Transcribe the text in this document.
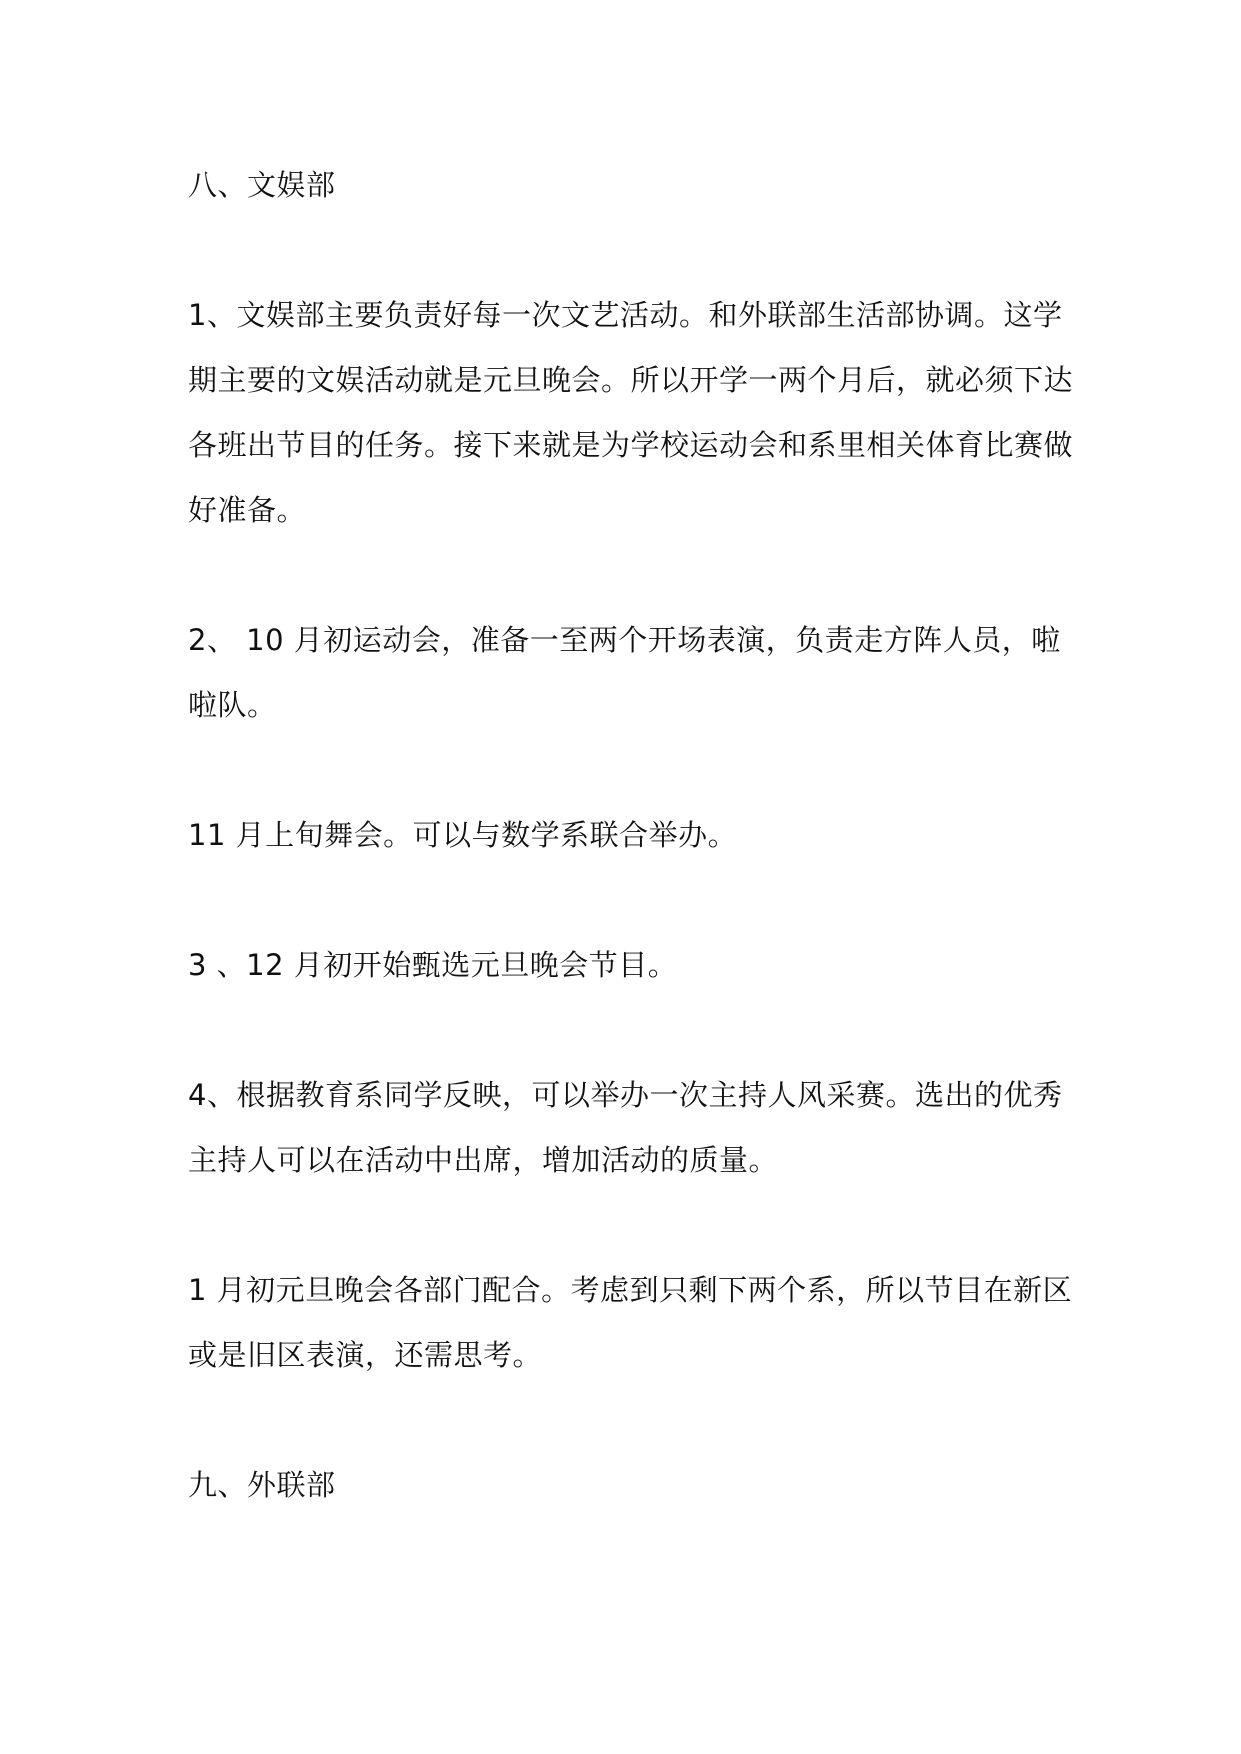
八、文娱部

1、文娱部主要负责好每一次文艺活动。和外联部生活部协调。这学

期主要的文娱活动就是元旦晚会。所以开学一两个月后，就必须下达

各班出节目的任务。接下来就是为学校运动会和系里相关体育比赛做

好准备。

2、 10 月初运动会，准备一至两个开场表演，负责走方阵人员，啦

啦队。

11 月上旬舞会。可以与数学系联合举办。

3 、12 月初开始甄选元旦晚会节目。

4、根据教育系同学反映，可以举办一次主持人风采赛。选出的优秀

主持人可以在活动中出席，增加活动的质量。

1 月初元旦晚会各部门配合。考虑到只剩下两个系，所以节目在新区

或是旧区表演，还需思考。

九、外联部
